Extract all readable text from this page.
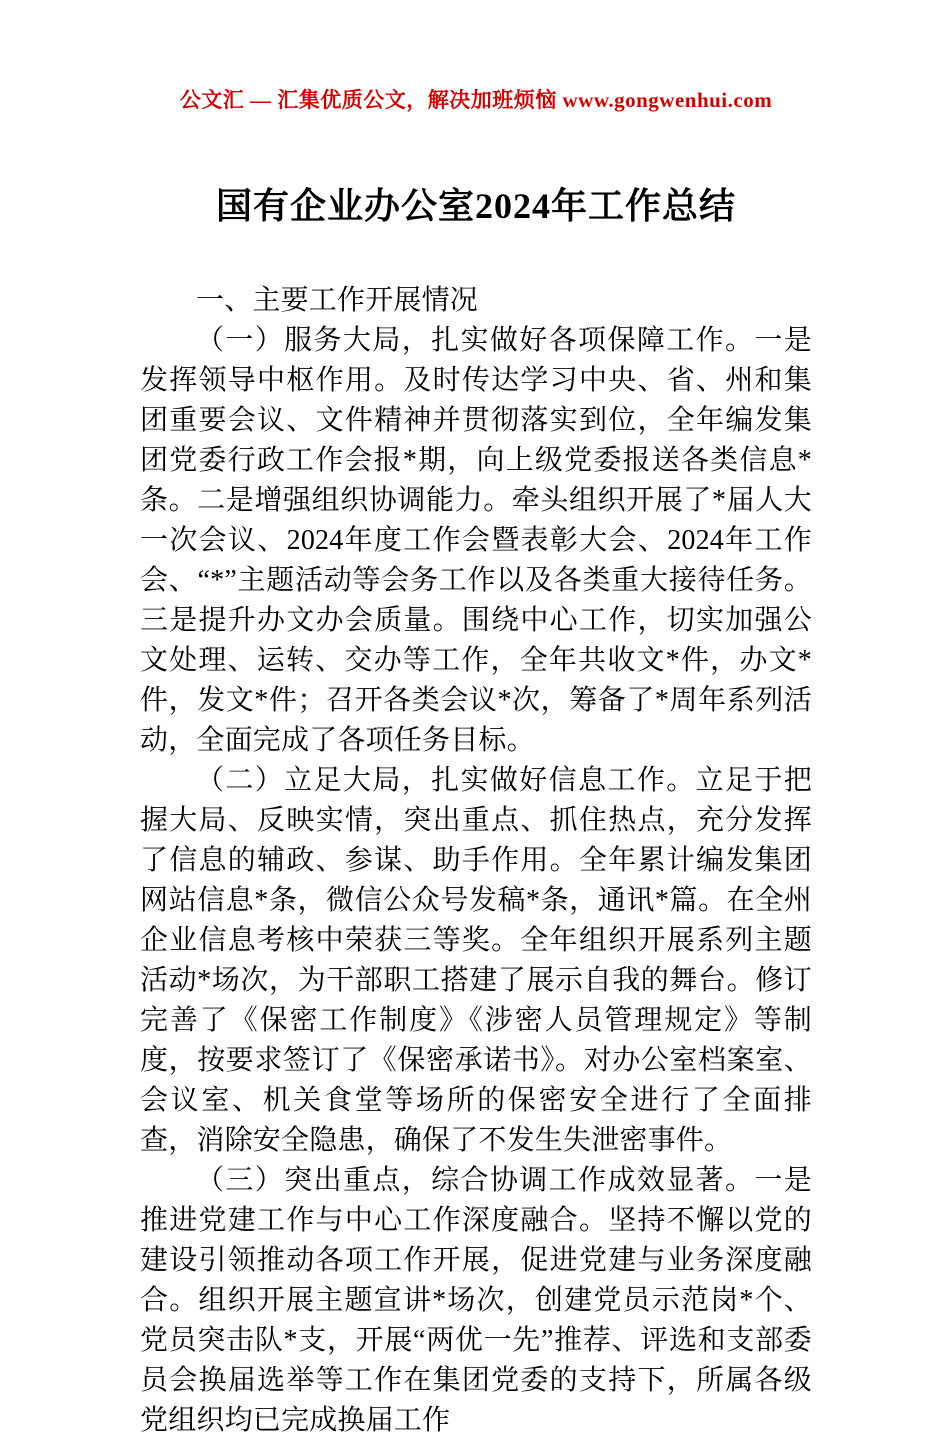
公文汇 — 汇集优质公文，解决加班烦恼 www.gongwenhui.com
国有企业办公室2024年工作总结

一、主要工作开展情况

（一）服务大局，扎实做好各项保障工作。一是发挥领导中枢作用。及时传达学习中央、省、州和集团重要会议、文件精神并贯彻落实到位，全年编发集团党委行政工作会报*期，向上级党委报送各类信息*条。二是增强组织协调能力。牵头组织开展了*届人大一次会议、2024年度工作会暨表彰大会、2024年工作会、“*”主题活动等会务工作以及各类重大接待任务。三是提升办文办会质量。围绕中心工作，切实加强公文处理、运转、交办等工作，全年共收文*件，办文*件，发文*件；召开各类会议*次，筹备了*周年系列活动，全面完成了各项任务目标。

（二）立足大局，扎实做好信息工作。立足于把握大局、反映实情，突出重点、抓住热点，充分发挥了信息的辅政、参谋、助手作用。全年累计编发集团网站信息*条，微信公众号发稿*条，通讯*篇。在全州企业信息考核中荣获三等奖。全年组织开展系列主题活动*场次，为干部职工搭建了展示自我的舞台。修订完善了《保密工作制度》《涉密人员管理规定》等制度，按要求签订了《保密承诺书》。对办公室档案室、会议室、机关食堂等场所的保密安全进行了全面排查，消除安全隐患，确保了不发生失泄密事件。

（三）突出重点，综合协调工作成效显著。一是推进党建工作与中心工作深度融合。坚持不懈以党的建设引领推动各项工作开展，促进党建与业务深度融合。组织开展主题宣讲*场次，创建党员示范岗*个、党员突击队*支，开展“两优一先”推荐、评选和支部委员会换届选举等工作在集团党委的支持下，所属各级党组织均已完成换届工作
